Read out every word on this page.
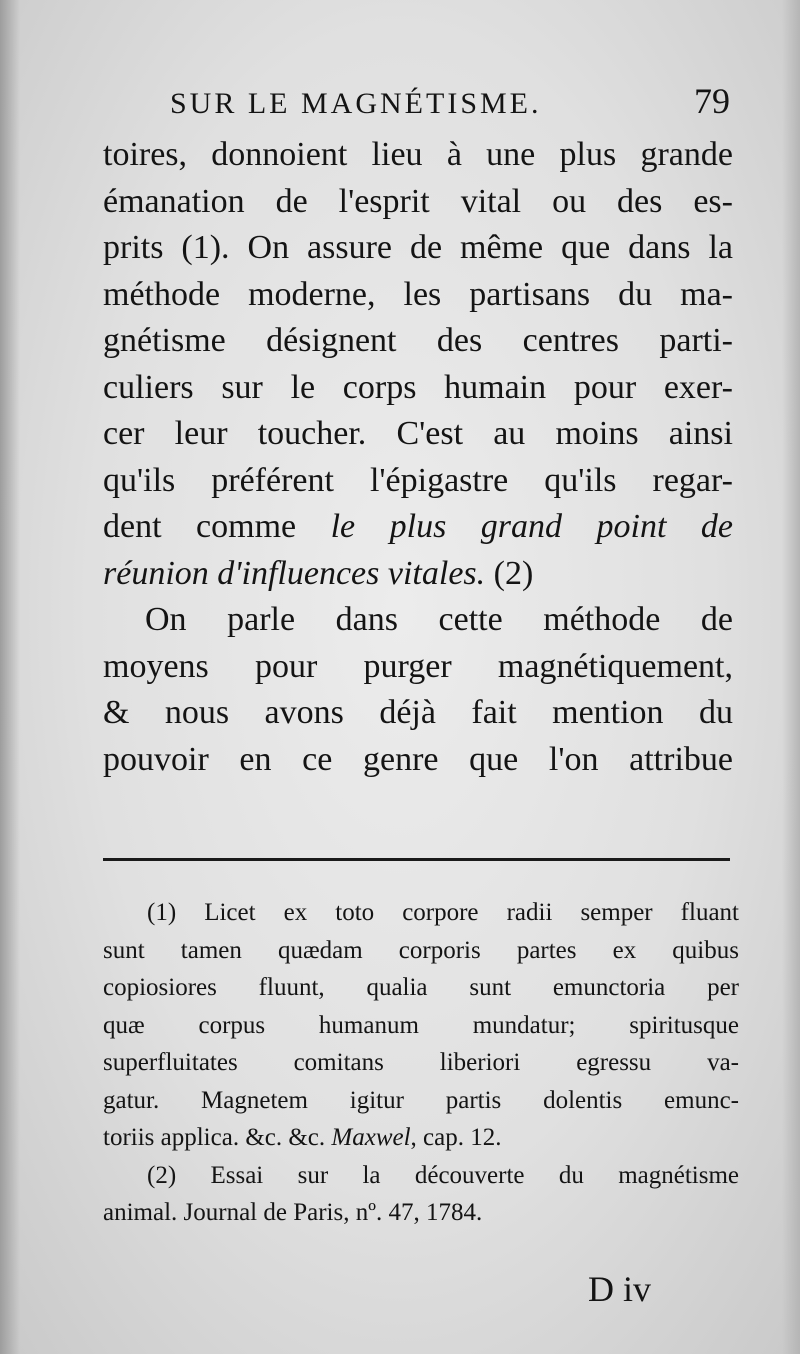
SUR LE MAGNÉTISME.	79
toires, donnoient lieu à une plus grande
émanation de l'esprit vital ou des es-
prits (1). On assure de même que dans la
méthode moderne, les partisans du ma-
gnétisme désignent des centres parti-
culiers sur le corps humain pour exer-
cer leur toucher. C'est au moins ainsi
qu'ils préférent l'épigastre qu'ils regar-
dent comme le plus grand point de
réunion d'influences vitales. (2)
On parle dans cette méthode de
moyens pour purger magnétiquement,
& nous avons déjà fait mention du
pouvoir en ce genre que l'on attribue
(1) Licet ex toto corpore radii semper fluant
sunt tamen quædam corporis partes ex quibus
copiosiores fluunt, qualia sunt emunctoria per
quæ corpus humanum mundatur; spiritusque
superfluitates comitans liberiori egressu va-
gatur. Magnetem igitur partis dolentis emunc-
toriis applica. &c. &c. Maxwel, cap. 12.
(2) Essai sur la découverte du magnétisme
animal. Journal de Paris, nº. 47, 1784.
D iv
